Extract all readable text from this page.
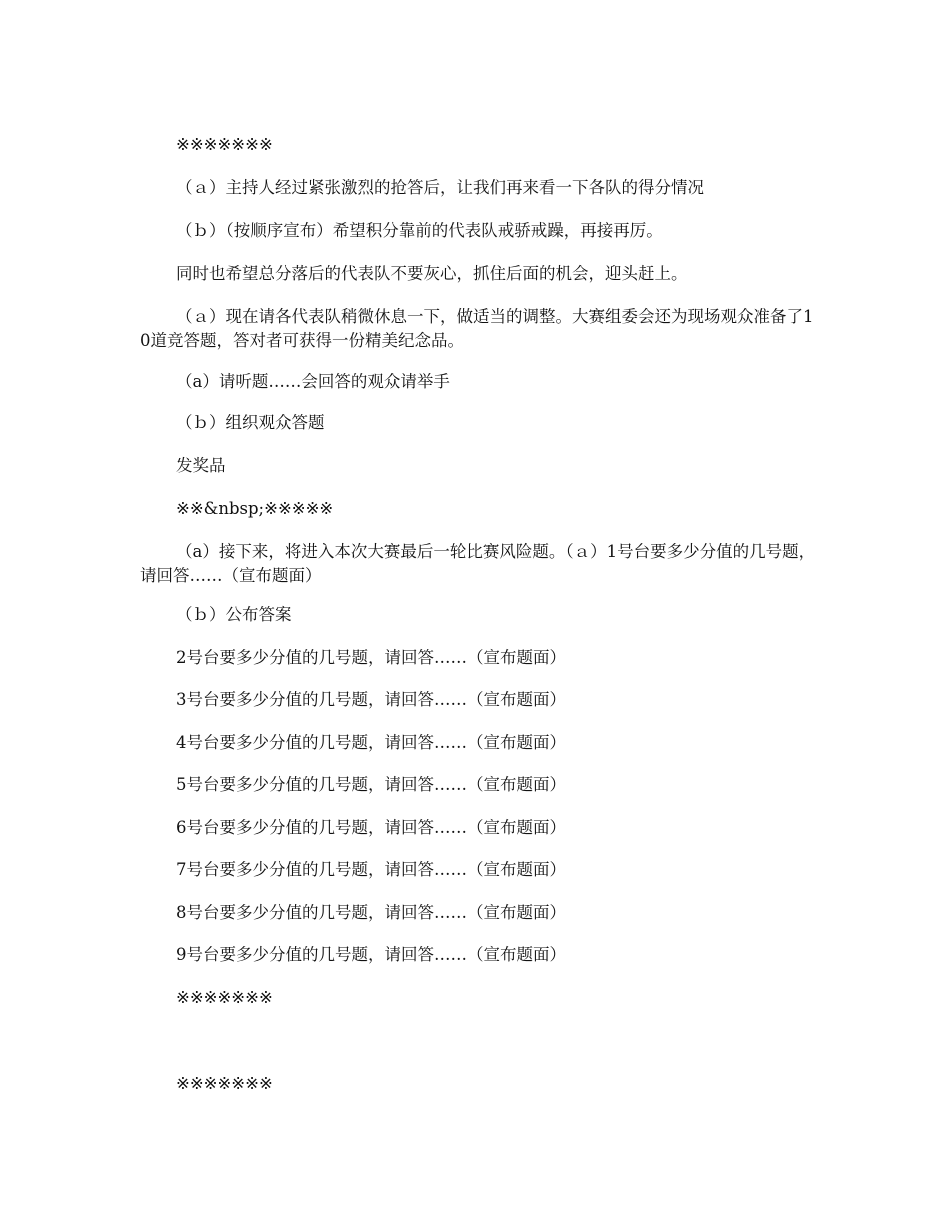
※※※※※※※

（ａ）主持人经过紧张激烈的抢答后，让我们再来看一下各队的得分情况

（ｂ）（按顺序宣布）希望积分靠前的代表队戒骄戒躁，再接再厉。

同时也希望总分落后的代表队不要灰心，抓住后面的机会，迎头赶上。

（ａ）现在请各代表队稍微休息一下，做适当的调整。大赛组委会还为现场观众准备了10道竞答题，答对者可获得一份精美纪念品。

（a）请听题……会回答的观众请举手

（ｂ）组织观众答题

发奖品

※※&nbsp;※※※※※

（a）接下来，将进入本次大赛最后一轮比赛风险题。（ａ）1号台要多少分值的几号题，请回答……（宣布题面）

（ｂ）公布答案

2号台要多少分值的几号题，请回答……（宣布题面）

3号台要多少分值的几号题，请回答……（宣布题面）

4号台要多少分值的几号题，请回答……（宣布题面）

5号台要多少分值的几号题，请回答……（宣布题面）

6号台要多少分值的几号题，请回答……（宣布题面）

7号台要多少分值的几号题，请回答……（宣布题面）

8号台要多少分值的几号题，请回答……（宣布题面）

9号台要多少分值的几号题，请回答……（宣布题面）

※※※※※※※

※※※※※※※
